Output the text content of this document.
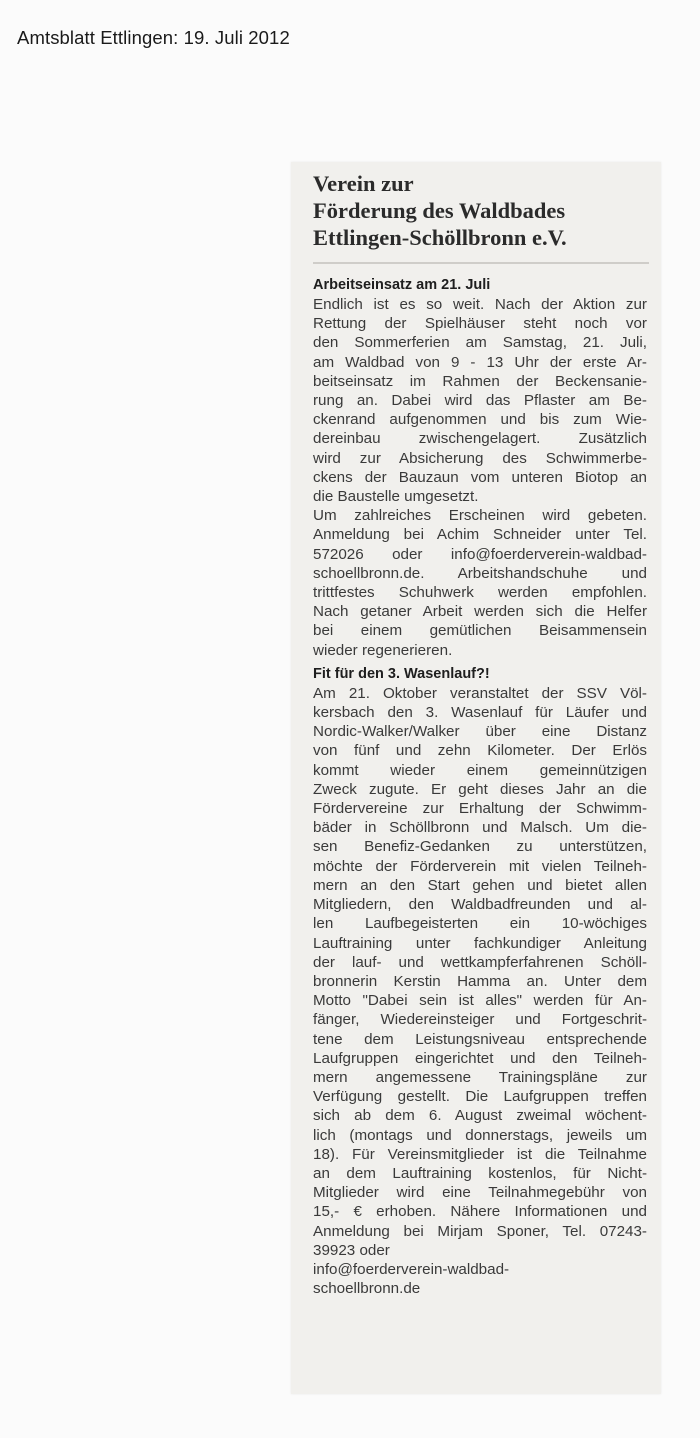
Amtsblatt Ettlingen: 19. Juli 2012
Verein zur
Förderung des Waldbades
Ettlingen-Schöllbronn e.V.
Arbeitseinsatz am 21. Juli
Endlich ist es so weit. Nach der Aktion zur
Rettung der Spielhäuser steht noch vor
den Sommerferien am Samstag, 21. Juli,
am Waldbad von 9 - 13 Uhr der erste Ar-
beitseinsatz im Rahmen der Beckensanie-
rung an. Dabei wird das Pflaster am Be-
ckenrand aufgenommen und bis zum Wie-
dereinbau zwischengelagert. Zusätzlich
wird zur Absicherung des Schwimmerbe-
ckens der Bauzaun vom unteren Biotop an
die Baustelle umgesetzt.
Um zahlreiches Erscheinen wird gebeten.
Anmeldung bei Achim Schneider unter Tel.
572026 oder info@foerderverein-waldbad-
schoellbronn.de. Arbeitshandschuhe und
trittfestes Schuhwerk werden empfohlen.
Nach getaner Arbeit werden sich die Helfer
bei einem gemütlichen Beisammensein
wieder regenerieren.
Fit für den 3. Wasenlauf?!
Am 21. Oktober veranstaltet der SSV Völ-
kersbach den 3. Wasenlauf für Läufer und
Nordic-Walker/Walker über eine Distanz
von fünf und zehn Kilometer. Der Erlös
kommt wieder einem gemeinnützigen
Zweck zugute. Er geht dieses Jahr an die
Fördervereine zur Erhaltung der Schwimm-
bäder in Schöllbronn und Malsch. Um die-
sen Benefiz-Gedanken zu unterstützen,
möchte der Förderverein mit vielen Teilneh-
mern an den Start gehen und bietet allen
Mitgliedern, den Waldbadfreunden und al-
len Laufbegeisterten ein 10-wöchiges
Lauftraining unter fachkundiger Anleitung
der lauf- und wettkampferfahrenen Schöll-
bronnerin Kerstin Hamma an. Unter dem
Motto "Dabei sein ist alles" werden für An-
fänger, Wiedereinsteiger und Fortgeschrit-
tene dem Leistungsniveau entsprechende
Laufgruppen eingerichtet und den Teilneh-
mern angemessene Trainingspläne zur
Verfügung gestellt. Die Laufgruppen treffen
sich ab dem 6. August zweimal wöchent-
lich (montags und donnerstags, jeweils um
18). Für Vereinsmitglieder ist die Teilnahme
an dem Lauftraining kostenlos, für Nicht-
Mitglieder wird eine Teilnahmegebühr von
15,- € erhoben. Nähere Informationen und
Anmeldung bei Mirjam Sponer, Tel. 07243-
39923 oder
info@foerderverein-waldbad-
schoellbronn.de
